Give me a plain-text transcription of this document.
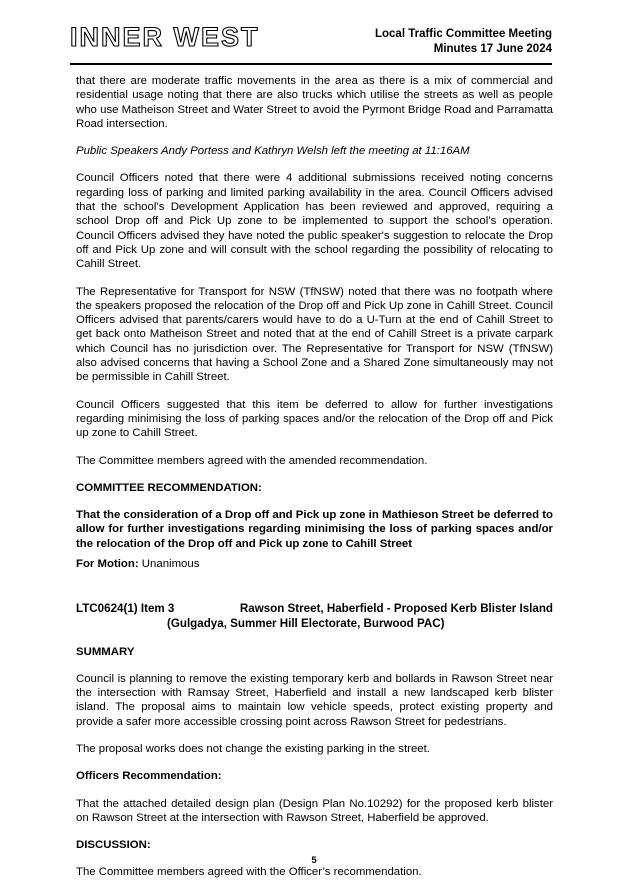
INNER WEST	Local Traffic Committee Meeting
Minutes 17 June 2024

that there are moderate traffic movements in the area as there is a mix of commercial and residential usage noting that there are also trucks which utilise the streets as well as people who use Matheison Street and Water Street to avoid the Pyrmont Bridge Road and Parramatta Road intersection.

Public Speakers Andy Portess and Kathryn Welsh left the meeting at 11:16AM

Council Officers noted that there were 4 additional submissions received noting concerns regarding loss of parking and limited parking availability in the area. Council Officers advised that the school’s Development Application has been reviewed and approved, requiring a school Drop off and Pick Up zone to be implemented to support the school’s operation. Council Officers advised they have noted the public speaker's suggestion to relocate the Drop off and Pick Up zone and will consult with the school regarding the possibility of relocating to Cahill Street.

The Representative for Transport for NSW (TfNSW) noted that there was no footpath where the speakers proposed the relocation of the Drop off and Pick Up zone in Cahill Street. Council Officers advised that parents/carers would have to do a U-Turn at the end of Cahill Street to get back onto Matheison Street and noted that at the end of Cahill Street is a private carpark which Council has no jurisdiction over. The Representative for Transport for NSW (TfNSW) also advised concerns that having a School Zone and a Shared Zone simultaneously may not be permissible in Cahill Street.

Council Officers suggested that this item be deferred to allow for further investigations regarding minimising the loss of parking spaces and/or the relocation of the Drop off and Pick up zone to Cahill Street.

The Committee members agreed with the amended recommendation.

COMMITTEE RECOMMENDATION:

That the consideration of a Drop off and Pick up zone in Mathieson Street be deferred to allow for further investigations regarding minimising the loss of parking spaces and/or the relocation of the Drop off and Pick up zone to Cahill Street

For Motion: Unanimous

LTC0624(1) Item 3	Rawson Street, Haberfield - Proposed Kerb Blister Island
(Gulgadya, Summer Hill Electorate, Burwood PAC)

SUMMARY

Council is planning to remove the existing temporary kerb and bollards in Rawson Street near the intersection with Ramsay Street, Haberfield and install a new landscaped kerb blister island. The proposal aims to maintain low vehicle speeds, protect existing property and provide a safer more accessible crossing point across Rawson Street for pedestrians.

The proposal works does not change the existing parking in the street.

Officers Recommendation:

That the attached detailed design plan (Design Plan No.10292) for the proposed kerb blister on Rawson Street at the intersection with Rawson Street, Haberfield be approved.

DISCUSSION:

The Committee members agreed with the Officer’s recommendation.

5
